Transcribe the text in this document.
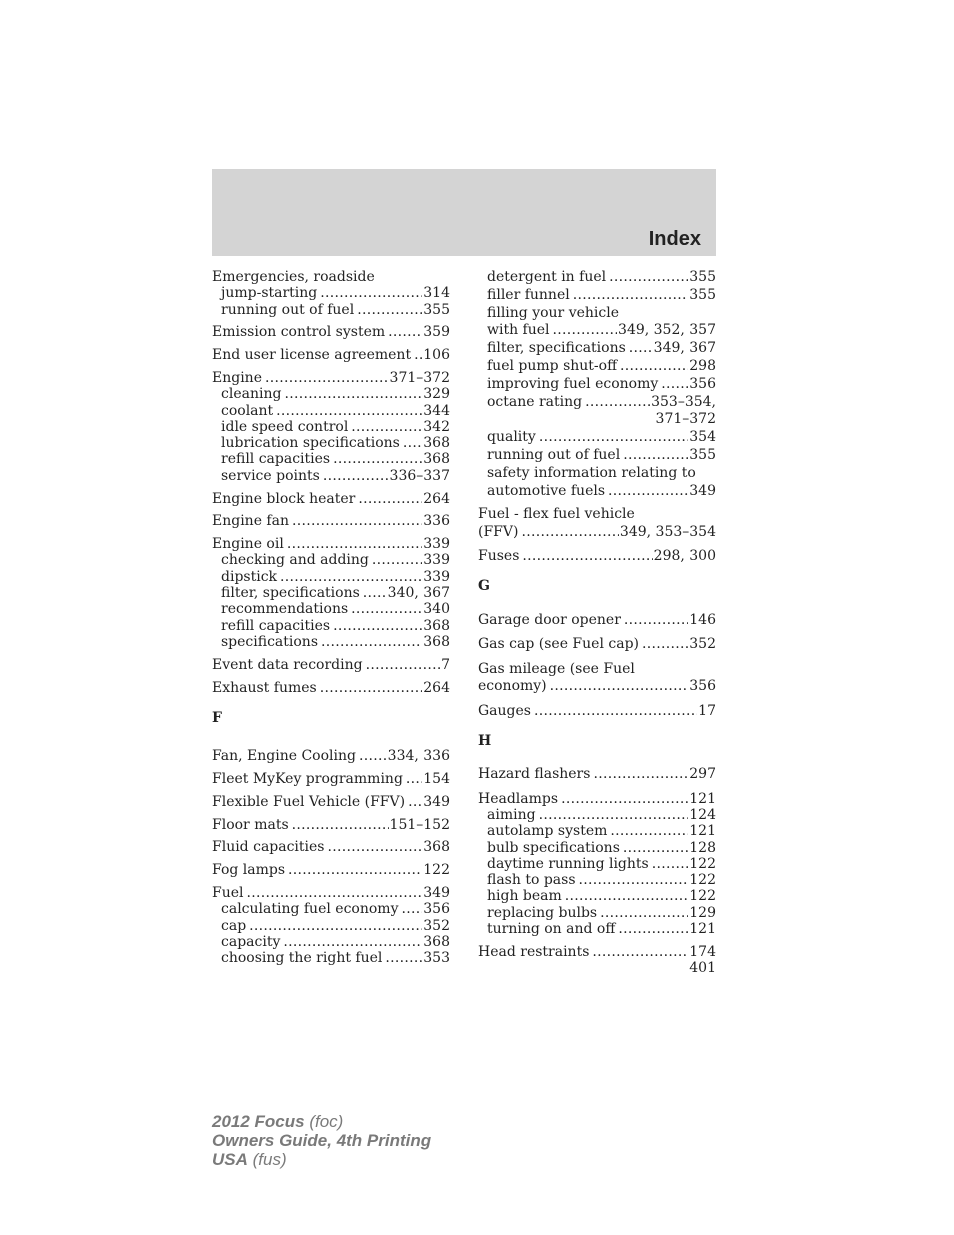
Index
Emergencies, roadside
jump-starting .....	314
running out of fuel .....	355
Emission control system .....	359
End user license agreement ..... 106
Engine .....	371–372
cleaning .....	329
coolant .....	344
idle speed control .....	342
lubrication specifications ..... 368
refill capacities .....	368
service points .....	336–337
Engine block heater .....	264
Engine fan .....	336
Engine oil .....	339
checking and adding .....	339
dipstick .....	339
filter, specifications ..... 340, 367
recommendations .....	340
refill capacities .....	368
specifications .....	368
Event data recording .....	7
Exhaust fumes .....	264
F
Fan, Engine Cooling ..... 334, 336
Fleet MyKey programming ..... 154
Flexible Fuel Vehicle (FFV) ..... 349
Floor mats .....	151–152
Fluid capacities .....	368
Fog lamps .....	122
Fuel .....	349
calculating fuel economy ..... 356
cap .....	352
capacity .....	368
choosing the right fuel .....	353
detergent in fuel .....	355
filler funnel .....	355
filling your vehicle
with fuel .....	349, 352, 357
filter, specifications ..... 349, 367
fuel pump shut-off .....	298
improving fuel economy ..... 356
octane rating .....	353–354,
371–372
quality .....	354
running out of fuel .....	355
safety information relating to
automotive fuels .....	349
Fuel - flex fuel vehicle
(FFV) .....	349, 353–354
Fuses .....	298, 300
G
Garage door opener .....	146
Gas cap (see Fuel cap) .....	352
Gas mileage (see Fuel
economy) .....	356
Gauges .....	17
H
Hazard flashers .....	297
Headlamps .....	121
aiming .....	124
autolamp system .....	121
bulb specifications .....	128
daytime running lights .....	122
flash to pass .....	122
high beam .....	122
replacing bulbs .....	129
turning on and off .....	121
Head restraints .....	174
401
2012 Focus (foc)
Owners Guide, 4th Printing
USA (fus)
